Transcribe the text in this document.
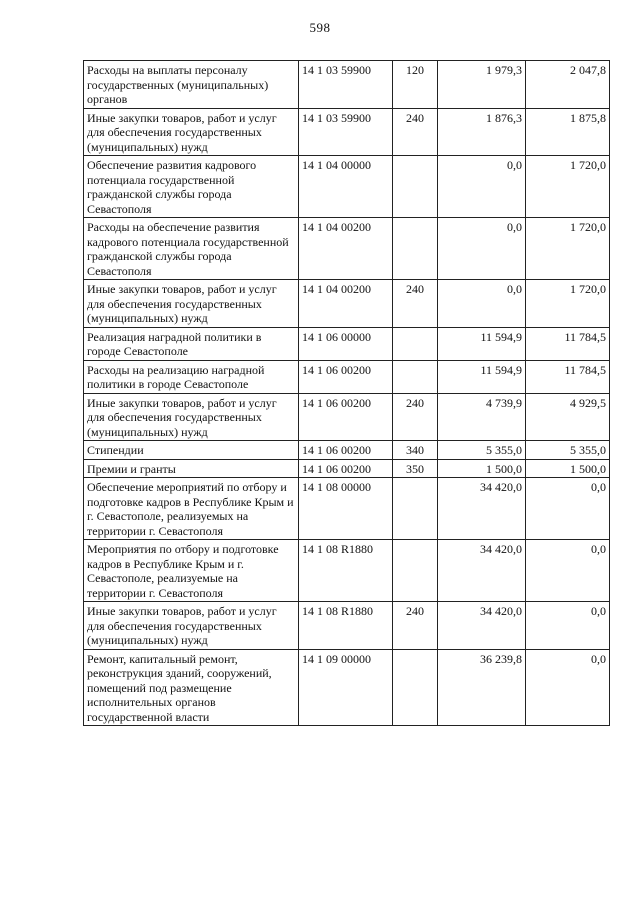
598
Расходы на выплаты персоналу государственных (муниципальных) органов	14 1 03 59900	120	1 979,3	2 047,8
Иные закупки товаров, работ и услуг для обеспечения государственных (муниципальных) нужд	14 1 03 59900	240	1 876,3	1 875,8
Обеспечение развития кадрового потенциала государственной гражданской службы города Севастополя	14 1 04 00000		0,0	1 720,0
Расходы на обеспечение развития кадрового потенциала государственной гражданской службы города Севастополя	14 1 04 00200		0,0	1 720,0
Иные закупки товаров, работ и услуг для обеспечения государственных (муниципальных) нужд	14 1 04 00200	240	0,0	1 720,0
Реализация наградной политики в городе Севастополе	14 1 06 00000		11 594,9	11 784,5
Расходы на реализацию наградной политики в городе Севастополе	14 1 06 00200		11 594,9	11 784,5
Иные закупки товаров, работ и услуг для обеспечения государственных (муниципальных) нужд	14 1 06 00200	240	4 739,9	4 929,5
Стипендии	14 1 06 00200	340	5 355,0	5 355,0
Премии и гранты	14 1 06 00200	350	1 500,0	1 500,0
Обеспечение мероприятий по отбору и подготовке кадров в Республике Крым и г. Севастополе, реализуемых на территории г. Севастополя	14 1 08 00000		34 420,0	0,0
Мероприятия по отбору и подготовке кадров в Республике Крым и г. Севастополе, реализуемые на территории г. Севастополя	14 1 08 R1880		34 420,0	0,0
Иные закупки товаров, работ и услуг для обеспечения государственных (муниципальных) нужд	14 1 08 R1880	240	34 420,0	0,0
Ремонт, капитальный ремонт, реконструкция зданий, сооружений, помещений под размещение исполнительных органов государственной власти	14 1 09 00000		36 239,8	0,0
